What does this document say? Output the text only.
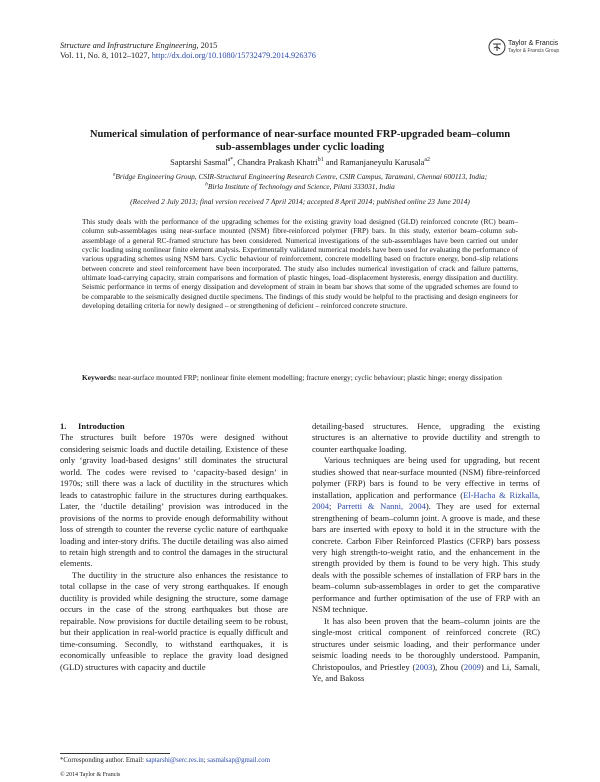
Structure and Infrastructure Engineering, 2015
Vol. 11, No. 8, 1012–1027, http://dx.doi.org/10.1080/15732479.2014.926376
Taylor & Francis
Taylor & Francis Group
Numerical simulation of performance of near-surface mounted FRP-upgraded beam–column
sub-assemblages under cyclic loading
Saptarshi Sasmal$^{a*}$, Chandra Prakash Khatri$^{b1}$ and Ramanjaneyulu Karusala$^{a2}$
$^a$Bridge Engineering Group, CSIR-Structural Engineering Research Centre, CSIR Campus, Taramani, Chennai 600113, India;
$^b$Birla Institute of Technology and Science, Pilani 333031, India
(Received 2 July 2013; final version received 7 April 2014; accepted 8 April 2014; published online 23 June 2014)

This study deals with the performance of the upgrading schemes for the existing gravity load designed (GLD) reinforced concrete (RC) beam–column sub-assemblages using near-surface mounted (NSM) fibre-reinforced polymer (FRP) bars. In this study, exterior beam–column sub-assemblage of a general RC-framed structure has been considered. Numerical investigations of the sub-assemblages have been carried out under cyclic loading using nonlinear finite element analysis. Experimentally validated numerical models have been used for evaluating the performance of various upgrading schemes using NSM bars. Cyclic behaviour of reinforcement, concrete modelling based on fracture energy, bond–slip relations between concrete and steel reinforcement have been incorporated. The study also includes numerical investigation of crack and failure patterns, ultimate load-carrying capacity, strain comparisons and formation of plastic hinges, load–displacement hysteresis, energy dissipation and ductility. Seismic performance in terms of energy dissipation and development of strain in beam bar shows that some of the upgraded schemes are found to be comparable to the seismically designed ductile specimens. The findings of this study would be helpful to the practising and design engineers for developing detailing criteria for newly designed – or strengthening of deficient – reinforced concrete structure.

Keywords: near-surface mounted FRP; nonlinear finite element modelling; fracture energy; cyclic behaviour; plastic hinge; energy dissipation
1. Introduction

The structures built before 1970s were designed without considering seismic loads and ductile detailing. Existence of these only ‘gravity load-based designs’ still dominates the structural world. The codes were revised to ‘capacity-based design’ in 1970s; still there was a lack of ductility in the structures which leads to catastrophic failure in the structures during earthquakes. Later, the ‘ductile detailing’ provision was introduced in the provisions of the norms to provide enough deformability without loss of strength to counter the reverse cyclic nature of earthquake loading and inter-story drifts. The ductile detailing was also aimed to retain high strength and to control the damages in the structural elements.

The ductility in the structure also enhances the resistance to total collapse in the case of very strong earthquakes. If enough ductility is provided while designing the structure, some damage occurs in the case of the strong earthquakes but those are repairable. Now provisions for ductile detailing seem to be robust, but their application in real-world practice is equally difficult and time-consuming. Secondly, to withstand earthquakes, it is economically unfeasible to replace the gravity load designed (GLD) structures with capacity and ductile

detailing-based structures. Hence, upgrading the existing structures is an alternative to provide ductility and strength to counter earthquake loading.

Various techniques are being used for upgrading, but recent studies showed that near-surface mounted (NSM) fibre-reinforced polymer (FRP) bars is found to be very effective in terms of installation, application and performance (El-Hacha & Rizkalla, 2004; Parretti & Nanni, 2004). They are used for external strengthening of beam–column joint. A groove is made, and these bars are inserted with epoxy to hold it in the structure with the concrete. Carbon Fiber Reinforced Plastics (CFRP) bars possess very high strength-to-weight ratio, and the enhancement in the strength provided by them is found to be very high. This study deals with the possible schemes of installation of FRP bars in the beam–column sub-assemblages in order to get the comparative performance and further optimisation of the use of FRP with an NSM technique.

It has also been proven that the beam–column joints are the single-most critical component of reinforced concrete (RC) structures under seismic loading, and their performance under seismic loading needs to be thoroughly understood. Pampanin, Christopoulos, and Priestley (2003), Zhou (2009) and Li, Samali, Ye, and Bakoss

*Corresponding author. Email: saptarshi@serc.res.in; sasmalsap@gmail.com
© 2014 Taylor & Francis
